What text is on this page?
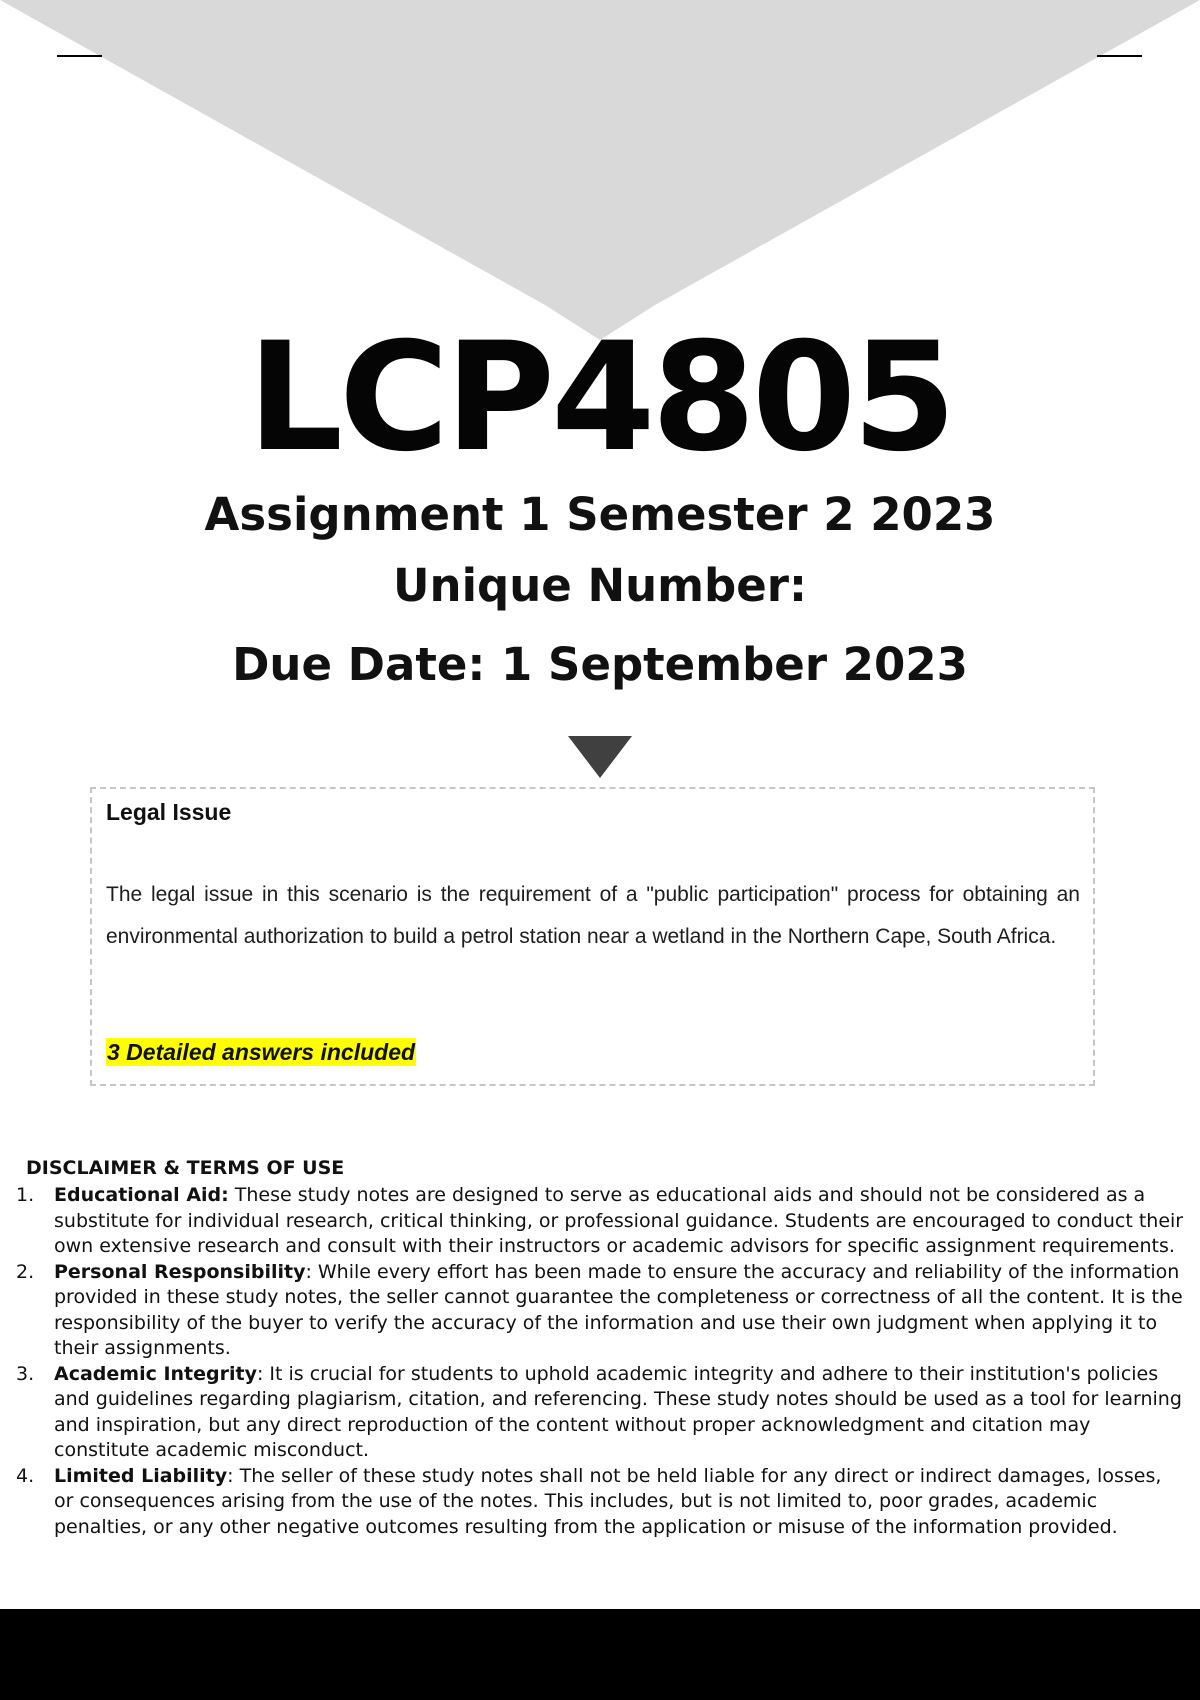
LCP4805
Assignment 1 Semester 2 2023
Unique Number:
Due Date: 1 September 2023
Legal Issue

The legal issue in this scenario is the requirement of a "public participation" process for obtaining an environmental authorization to build a petrol station near a wetland in the Northern Cape, South Africa.

3 Detailed answers included
DISCLAIMER & TERMS OF USE
1.	Educational Aid: These study notes are designed to serve as educational aids and should not be considered as a substitute for individual research, critical thinking, or professional guidance. Students are encouraged to conduct their own extensive research and consult with their instructors or academic advisors for specific assignment requirements.
2.	Personal Responsibility: While every effort has been made to ensure the accuracy and reliability of the information provided in these study notes, the seller cannot guarantee the completeness or correctness of all the content. It is the responsibility of the buyer to verify the accuracy of the information and use their own judgment when applying it to their assignments.
3.	Academic Integrity: It is crucial for students to uphold academic integrity and adhere to their institution's policies and guidelines regarding plagiarism, citation, and referencing. These study notes should be used as a tool for learning and inspiration, but any direct reproduction of the content without proper acknowledgment and citation may constitute academic misconduct.
4.	Limited Liability: The seller of these study notes shall not be held liable for any direct or indirect damages, losses, or consequences arising from the use of the notes. This includes, but is not limited to, poor grades, academic penalties, or any other negative outcomes resulting from the application or misuse of the information provided.
